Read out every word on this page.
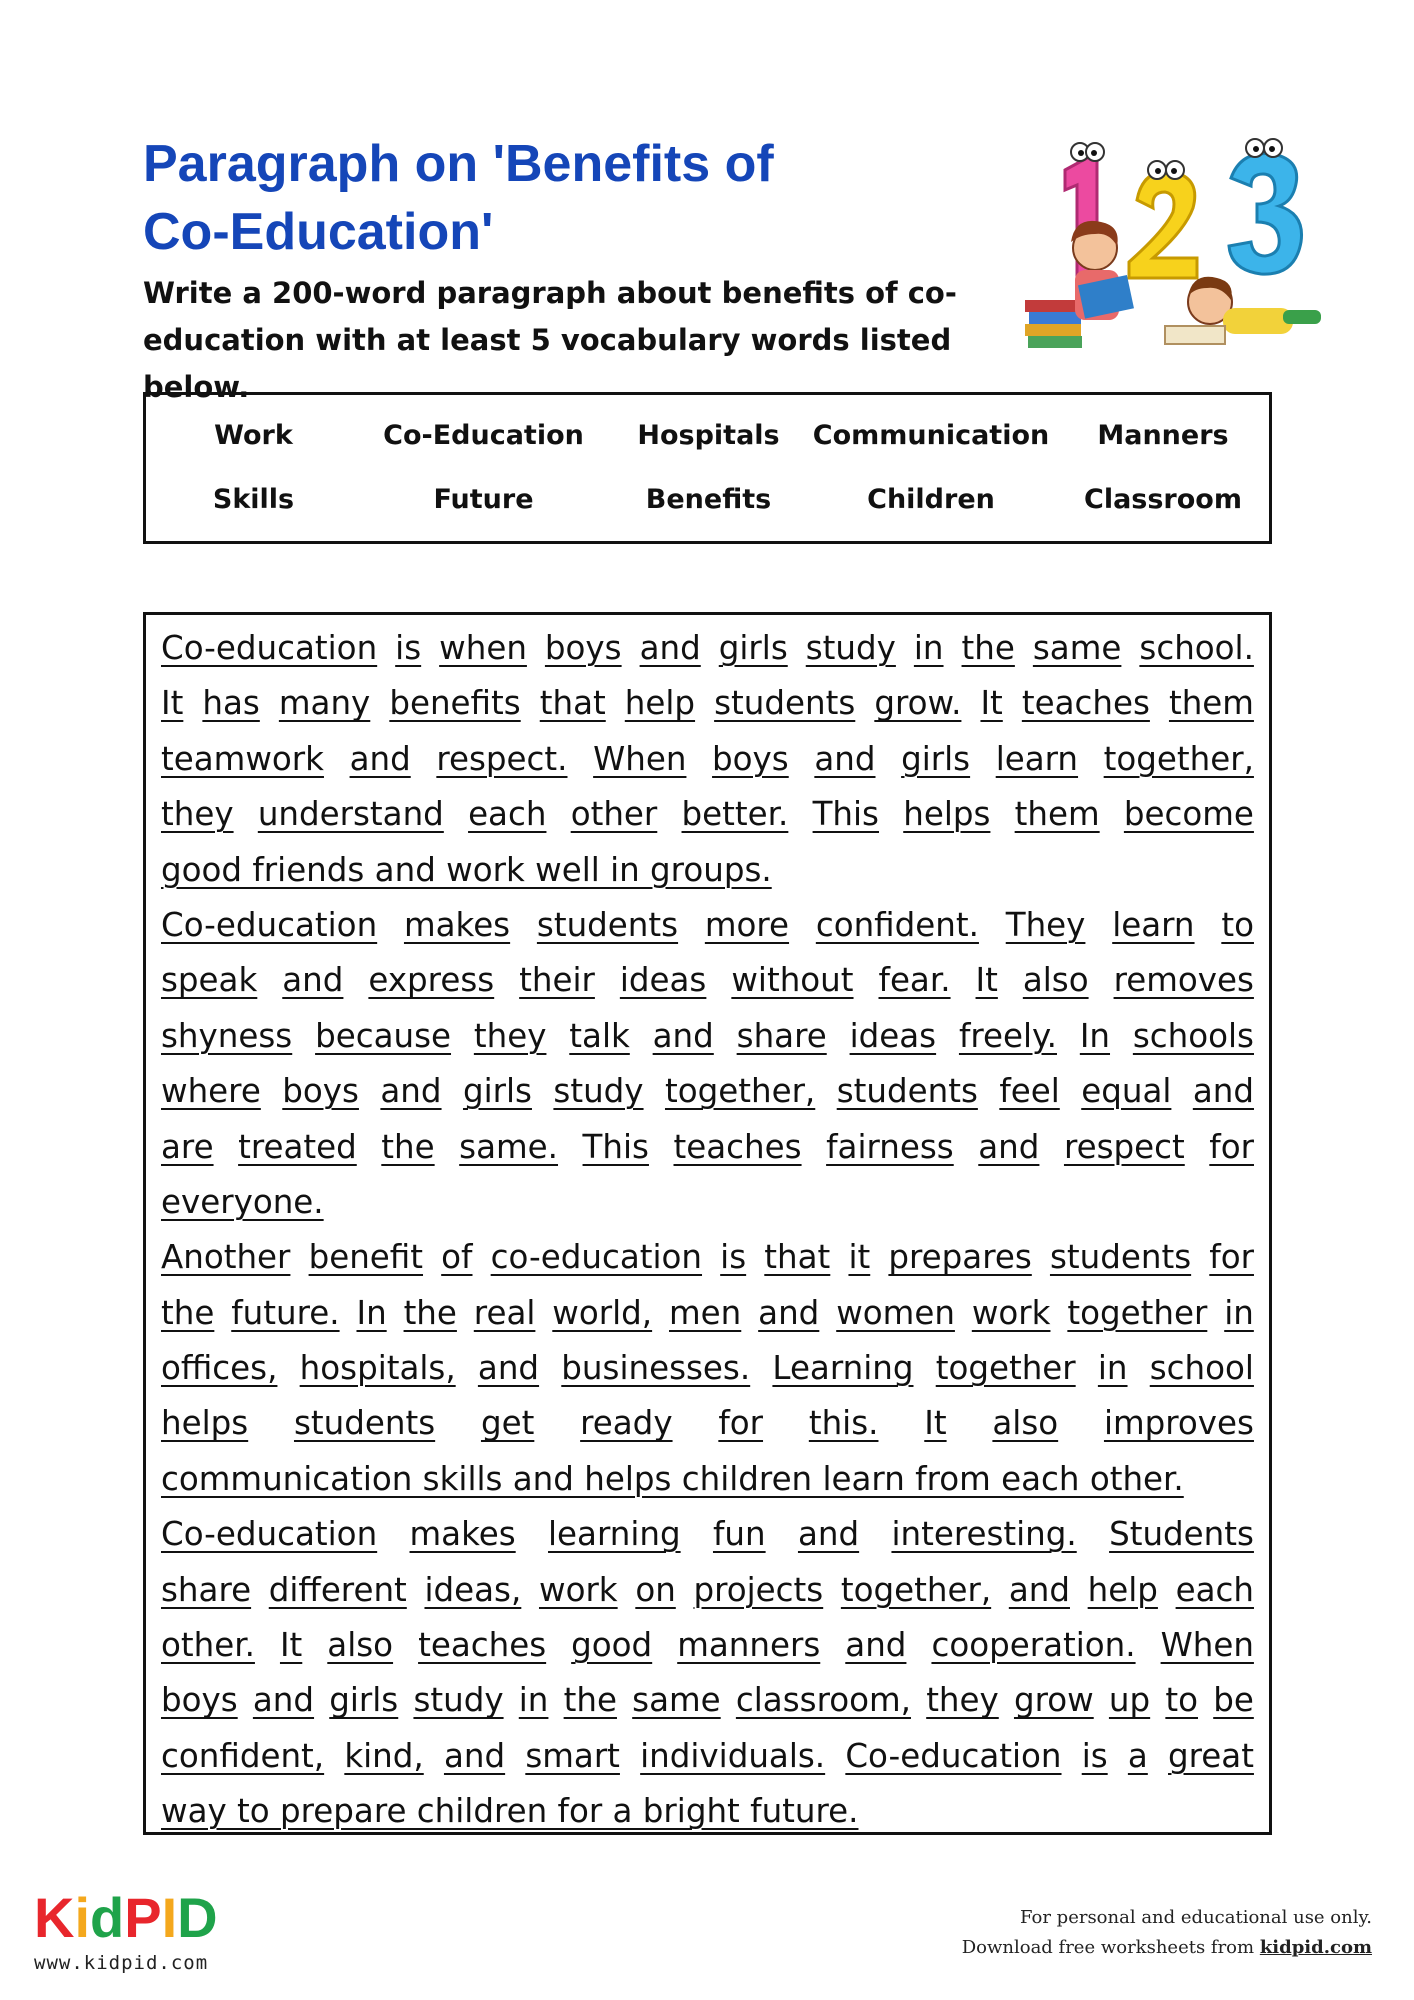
Paragraph on 'Benefits of
Co-Education'

Write a 200-word paragraph about benefits of co-
education with at least 5 vocabulary words listed below.

Work	Co-Education	Hospitals	Communication	Manners
Skills	Future	Benefits	Children	Classroom
Co-education is when boys and girls study in the same school.
It has many benefits that help students grow. It teaches them
teamwork and respect. When boys and girls learn together,
they understand each other better. This helps them become
good friends and work well in groups.
Co-education makes students more confident. They learn to
speak and express their ideas without fear. It also removes
shyness because they talk and share ideas freely. In schools
where boys and girls study together, students feel equal and
are treated the same. This teaches fairness and respect for
everyone.
Another benefit of co-education is that it prepares students for
the future. In the real world, men and women work together in
offices, hospitals, and businesses. Learning together in school
helps students get ready for this. It also improves
communication skills and helps children learn from each other.
Co-education makes learning fun and interesting. Students
share different ideas, work on projects together, and help each
other. It also teaches good manners and cooperation. When
boys and girls study in the same classroom, they grow up to be
confident, kind, and smart individuals. Co-education is a great
way to prepare children for a bright future.
K i d P I D
www.kidpid.com
For personal and educational use only.
Download free worksheets from kidpid.com
